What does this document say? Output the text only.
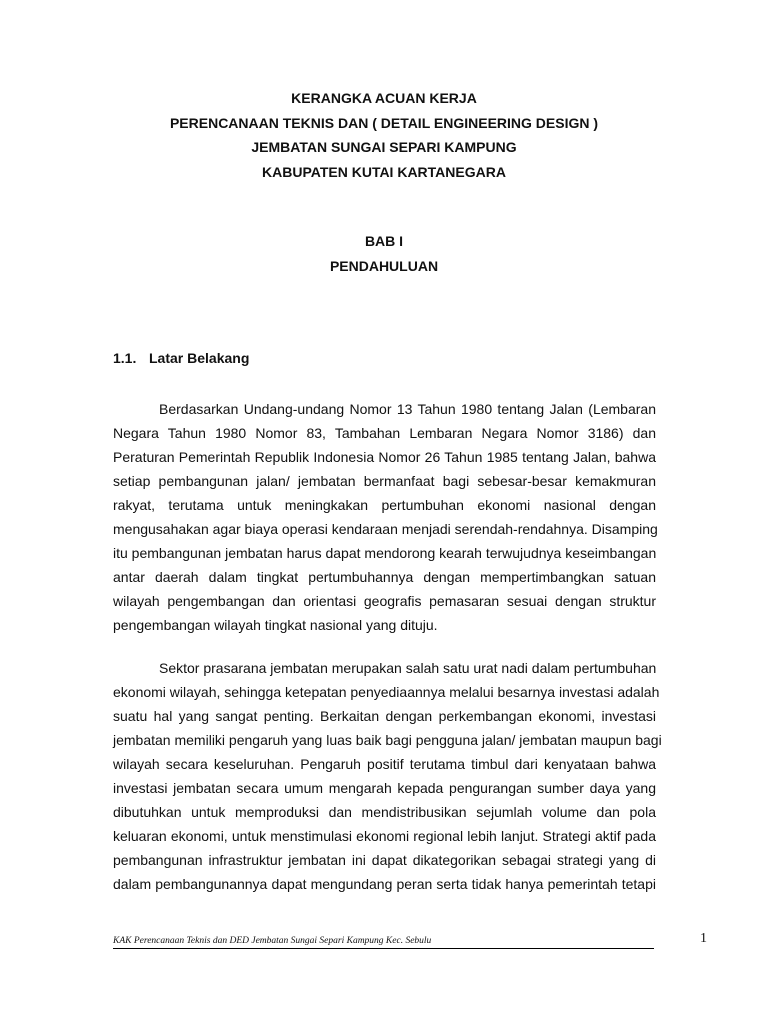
KERANGKA ACUAN KERJA
PERENCANAAN TEKNIS DAN ( DETAIL ENGINEERING DESIGN )
JEMBATAN SUNGAI SEPARI KAMPUNG
KABUPATEN KUTAI KARTANEGARA
BAB I
PENDAHULUAN
1.1. Latar Belakang
Berdasarkan Undang-undang Nomor 13 Tahun 1980 tentang Jalan (Lembaran
Negara Tahun 1980 Nomor 83, Tambahan Lembaran Negara Nomor 3186) dan
Peraturan Pemerintah Republik Indonesia Nomor 26 Tahun 1985 tentang Jalan, bahwa
setiap pembangunan jalan/ jembatan bermanfaat bagi sebesar-besar kemakmuran
rakyat, terutama untuk meningkakan pertumbuhan ekonomi nasional dengan
mengusahakan agar biaya operasi kendaraan menjadi serendah-rendahnya. Disamping
itu pembangunan jembatan harus dapat mendorong kearah terwujudnya keseimbangan
antar daerah dalam tingkat pertumbuhannya dengan mempertimbangkan satuan
wilayah pengembangan dan orientasi geografis pemasaran sesuai dengan struktur
pengembangan wilayah tingkat nasional yang dituju.
Sektor prasarana jembatan merupakan salah satu urat nadi dalam pertumbuhan
ekonomi wilayah, sehingga ketepatan penyediaannya melalui besarnya investasi adalah
suatu hal yang sangat penting. Berkaitan dengan perkembangan ekonomi, investasi
jembatan memiliki pengaruh yang luas baik bagi pengguna jalan/ jembatan maupun bagi
wilayah secara keseluruhan. Pengaruh positif terutama timbul dari kenyataan bahwa
investasi jembatan secara umum mengarah kepada pengurangan sumber daya yang
dibutuhkan untuk memproduksi dan mendistribusikan sejumlah volume dan pola
keluaran ekonomi, untuk menstimulasi ekonomi regional lebih lanjut. Strategi aktif pada
pembangunan infrastruktur jembatan ini dapat dikategorikan sebagai strategi yang di
dalam pembangunannya dapat mengundang peran serta tidak hanya pemerintah tetapi
KAK Perencanaan Teknis dan DED Jembatan Sungai Separi Kampung Kec. Sebulu	1
